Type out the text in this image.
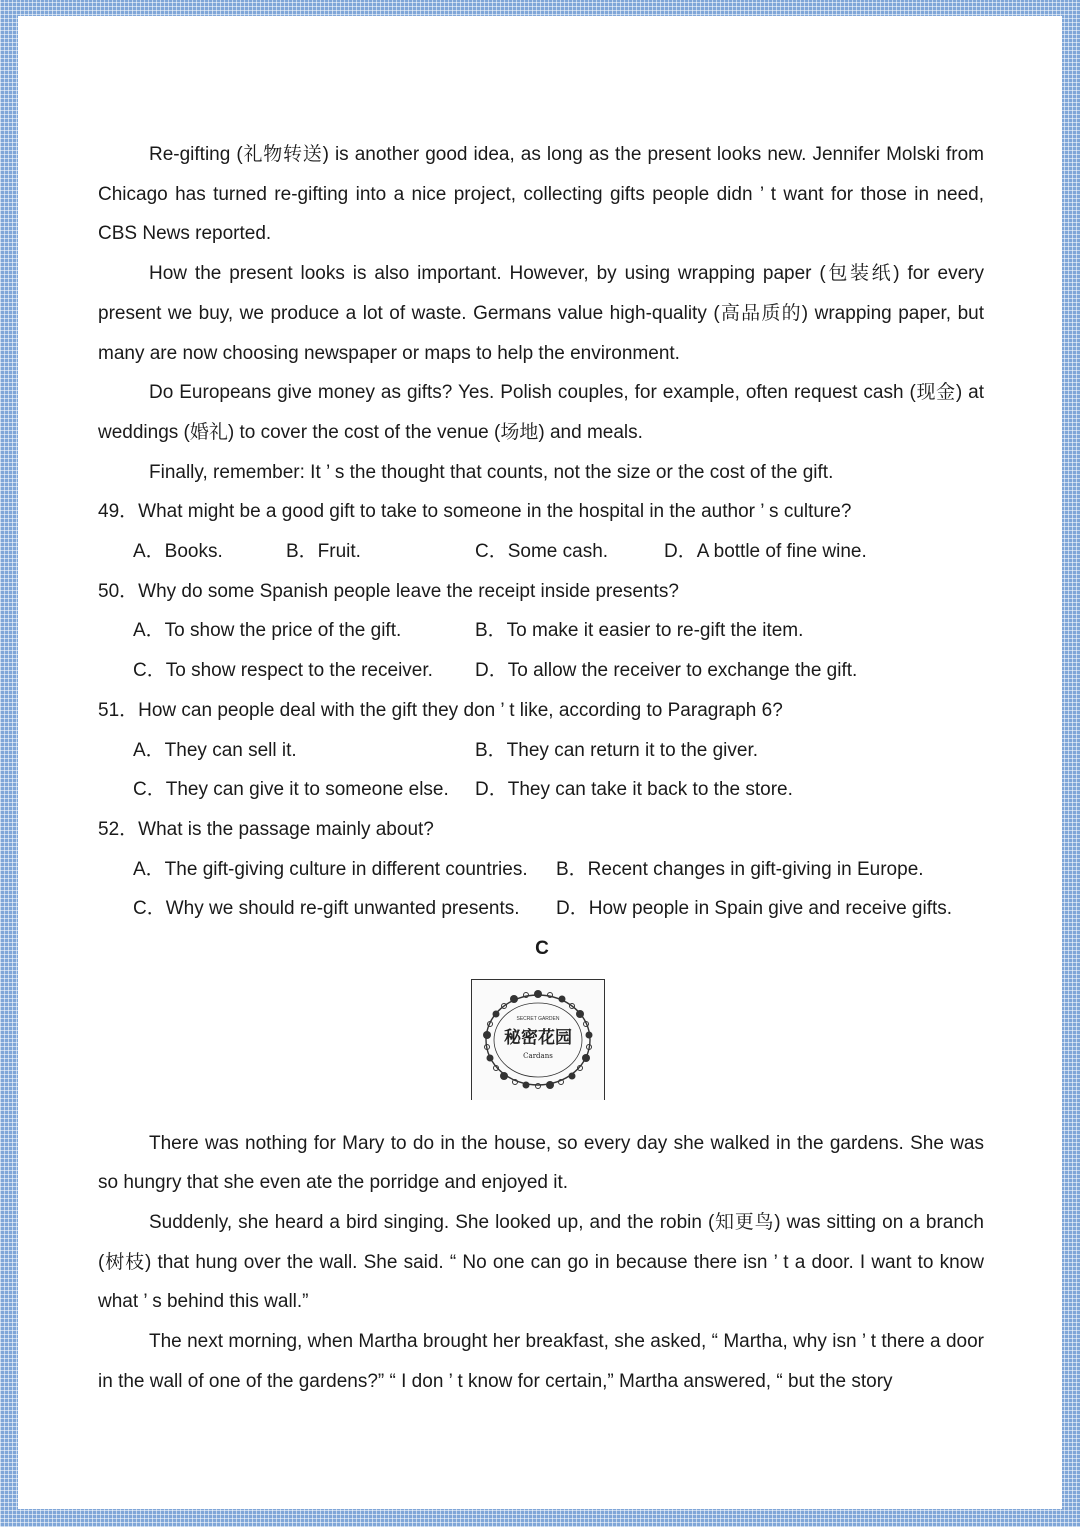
Re-gifting (礼物转送) is another good idea, as long as the present looks new. Jennifer Molski from Chicago has turned re-gifting into a nice project, collecting gifts people didn ’ t want for those in need, CBS News reported.

How the present looks is also important. However, by using wrapping paper (包装纸) for every present we buy, we produce a lot of waste. Germans value high-quality (高品质的) wrapping paper, but many are now choosing newspaper or maps to help the environment.

Do Europeans give money as gifts? Yes. Polish couples, for example, often request cash (现金) at weddings (婚礼) to cover the cost of the venue (场地) and meals.

Finally, remember: It ’ s the thought that counts, not the size or the cost of the gift.

49．What might be a good gift to take to someone in the hospital in the author ’ s culture?
A．Books.	B．Fruit.	C．Some cash.	D．A bottle of fine wine.
50．Why do some Spanish people leave the receipt inside presents?
A．To show the price of the gift.	B．To make it easier to re-gift the item.
C．To show respect to the receiver. D．To allow the receiver to exchange the gift.
51．How can people deal with the gift they don ’ t like, according to Paragraph 6?
A．They can sell it.	B．They can return it to the giver.
C．They can give it to someone else. D．They can take it back to the store.
52．What is the passage mainly about?
A．The gift-giving culture in different countries. B．Recent changes in gift-giving in Europe.
C．Why we should re-gift unwanted presents. D．How people in Spain give and receive gifts.
C
SECRET GARDEN
秘密花园
Cardans

There was nothing for Mary to do in the house, so every day she walked in the gardens. She was so hungry that she even ate the porridge and enjoyed it.

Suddenly, she heard a bird singing. She looked up, and the robin (知更鸟) was sitting on a branch (树枝) that hung over the wall. She said. “ No one can go in because there isn ’ t a door. I want to know what ’ s behind this wall.”

The next morning, when Martha brought her breakfast, she asked, “ Martha, why isn ’ t there a door in the wall of one of the gardens?” “ I don ’ t know for certain,” Martha answered, “ but the story
